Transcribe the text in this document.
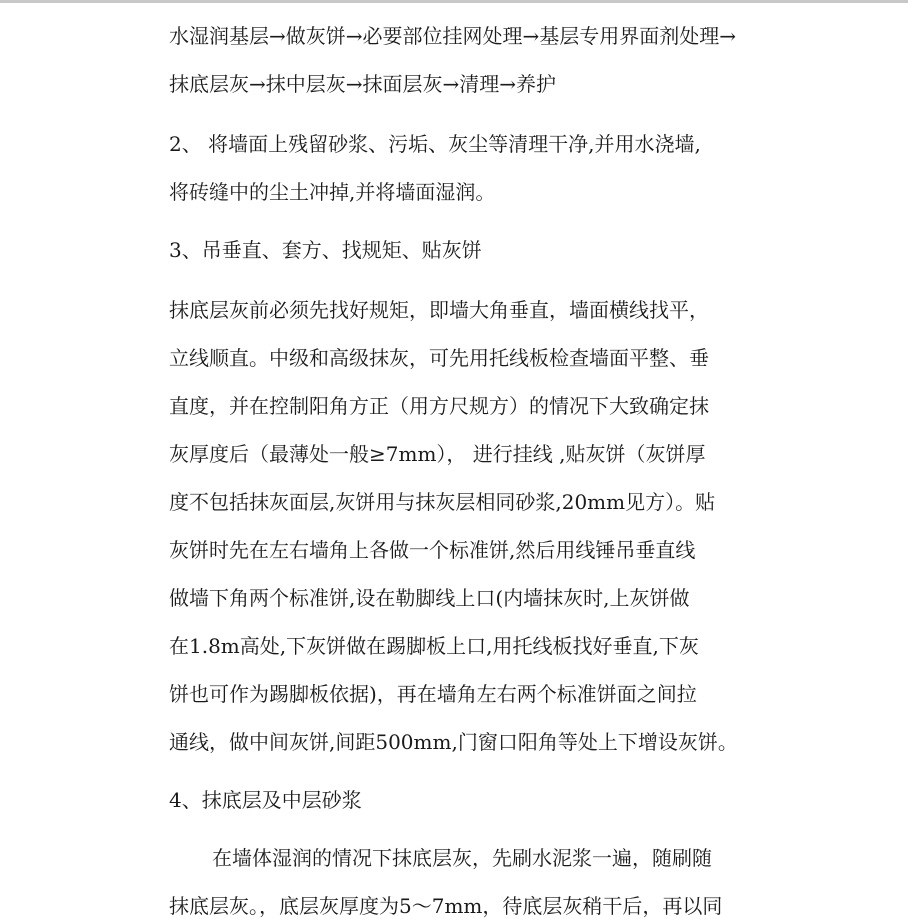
水湿润基层→做灰饼→必要部位挂网处理→基层专用界面剂处理→
抹底层灰→抹中层灰→抹面层灰→清理→养护
2、 将墙面上残留砂浆、污垢、灰尘等清理干净,并用水浇墙,
将砖缝中的尘土冲掉,并将墙面湿润。
3、吊垂直、套方、找规矩、贴灰饼
抹底层灰前必须先找好规矩，即墙大角垂直，墙面横线找平，
立线顺直。中级和高级抹灰，可先用托线板检查墙面平整、垂
直度，并在控制阳角方正（用方尺规方）的情况下大致确定抹
灰厚度后（最薄处一般≥7mm）， 进行挂线 ,贴灰饼（灰饼厚
度不包括抹灰面层,灰饼用与抹灰层相同砂浆,20mm见方）。贴
灰饼时先在左右墙角上各做一个标准饼,然后用线锤吊垂直线
做墙下角两个标准饼,设在勒脚线上口(内墙抹灰时,上灰饼做
在1.8m高处,下灰饼做在踢脚板上口,用托线板找好垂直,下灰
饼也可作为踢脚板依据)，再在墙角左右两个标准饼面之间拉
通线，做中间灰饼,间距500mm,门窗口阳角等处上下增设灰饼。
4、抹底层及中层砂浆
在墙体湿润的情况下抹底层灰，先刷水泥浆一遍，随刷随
抹底层灰。，底层灰厚度为5～7mm，待底层灰稍干后，再以同
